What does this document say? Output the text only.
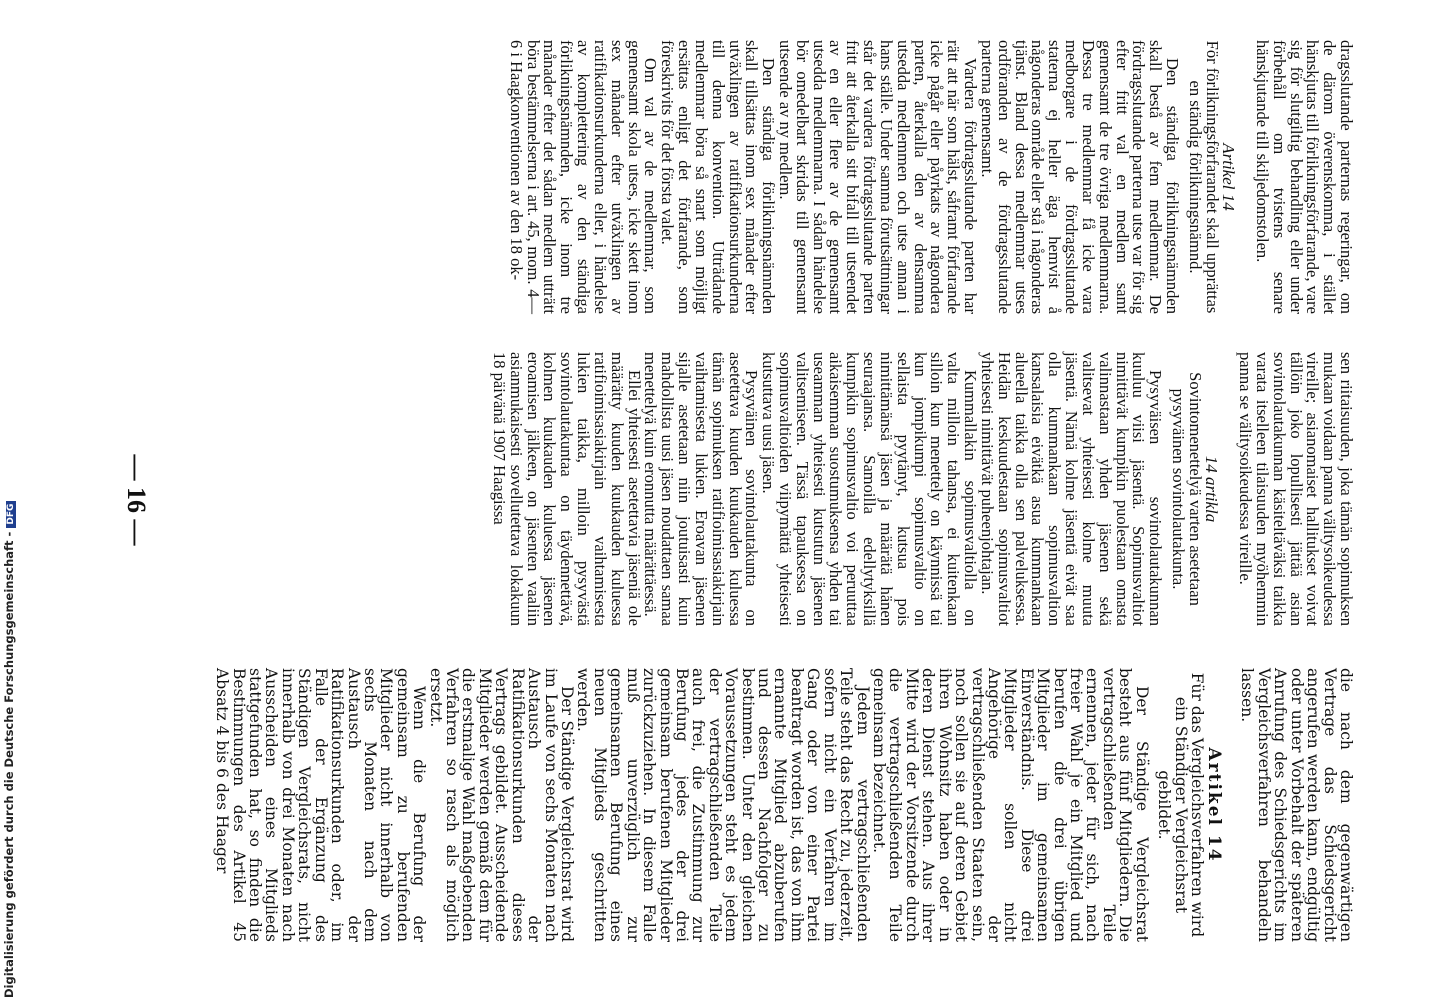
— 16 —

dragsslutande parternas regeringar, om de därom överenskomma, i stället hänskjutas till förlikningsförfarande, vare sig för slutgiltig behandling eller under förbehåll om tvistens senare hänskjutande till skiljedomstolen.

Artikel 14

För förlikningsförfarandet skall upprättas en ständig förlikningsnämnd.

Den ständiga förlikningsnämnden skall bestå av fem medlemmar. De fördragsslutande parterna utse var för sig efter fritt val en medlem samt gemensamt de tre övriga medlemmarna. Dessa tre medlemmar få icke vara medborgare i de fördragsslutande staterna ej heller äga hemvist å någonderas område eller stå i någonderas tjänst. Bland dessa medlemmar utses ordföranden av de fördragsslutande parterna gemensamt.

Vardera fördragsslutande parten har rätt att när som hälst, såframt förfarande icke pågår eller påyrkats av någondera parten, återkalla den av densamma utsedda medlemmen och utse annan i hans ställe. Under samma förutsättningar står det vardera fördragsslutande parten fritt att återkalla sitt bifall till utseendet av en eller flere av de gemensamt utsedda medlemmarna. I sådan händelse bör omedelbart skridas till gemensamt utseende av ny medlem.

Den ständiga förlikningsnämnden skall tillsättas inom sex månader efter utväxlingen av ratifikationsurkunderna till denna konvention. Utträdande medlemmar böra så snart som möjligt ersättas enligt det förfarande, som föreskrivits för det första valet.

Om val av de medlemmar, som gemensamt skola utses, icke skett inom sex månader efter utväxlingen av ratifikationsurkunderna eller, i händelse av komplettering av den ständiga förlikningsnämnden, icke inom tre månader efter det sådan medlem utträtt böra bestämmelserna i art. 45, mom. 4—6 i Haagkonventionen av den 18 ok-

sen riitaisuuden, joka tämän sopimuksen mukaan voidaan panna välitysoikeudessa vireille; asianomaiset hallitukset voivat tällöin joko lopullisesti jättää asian sovintolautakunnan käsiteltäväksi taikka varata itselleen tilaisuuden myöhemmin panna se välitysoikeudessa vireille.

14 artikla

Sovintomenettelyä varten asetetaan pysyväinen sovintolautakunta.

Pysyväisen sovintolautakunnan kuuluu viisi jäsentä. Sopimusvaltiot nimittävät kumpikin puolestaan omasta valinnastaan yhden jäsenen sekä valitsevat yhteisesti kolme muuta jäsentä. Nämä kolme jäsentä eivät saa olla kummankaan sopimusvaltion kansalaisia eivätkä asua kummankaan alueella taikka olla sen palveluksessa. Heidän keskuudestaan sopimusvaltiot yhteisesti nimittävät puheenjohtajan.

Kummallakin sopimusvaltiolla on valta milloin tahansa, ei kuitenkaan silloin kun menettely on käynnissä tai kun jompikumpi sopimusvaltio on sellaista pyytänyt, kutsua pois nimittämänsä jäsen ja määrätä hänen seuraajansa. Samoilla edellytyksillä kumpikin sopimusvaltio voi peruuttaa aikaisemman suostumuksensa yhden tai useamman yhteisesti kutsutun jäsenen valitsemiseen. Tässä tapauksessa on sopimusvaltioiden viipymättä yhteisesti kutsuttava uusi jäsen.

Pysyväinen sovintolautakunta on asetettava kuuden kuukauden kuluessa tämän sopimuksen ratifioimisasiakirjain vaihtamisesta lukien. Eroavan jäsenen sijalle asetetaan niin joutuisasti kuin mahdollista uusi jäsen noudattaen samaa menettelyä kuin eronnutta määrättäessä.

Ellei yhteisesti asetettavia jäseniä ole määrätty kuuden kuukauden kuluessa ratifioimisasiakirjain vaihtamisesta lukien taikka, milloin pysyvästä sovintolautakuntaa on täydennettävä, kolmen kuukauden kuluessa jäsenen eroamisen jälkeen, on jäsenten vaaliin asianmukaisesti sovellutettava lokakuun 18 päivänä 1907 Haagissa

die nach dem gegenwärtigen Vertrage das Schiedsgericht angerufen werden kann, endgültig oder unter Vorbehalt der späteren Anrufung des Schiedsgerichts im Vergleichsverfahren behandeln lassen.

Artikel 14

Für das Vergleichsverfahren wird ein Ständiger Vergleichsrat gebildet.

Der Ständige Vergleichsrat besteht aus fünf Mitgliedern. Die vertragschließenden Teile ernennen, jeder für sich, nach freier Wahl je ein Mitglied und berufen die drei übrigen Mitglieder im gemeinsamen Einverständnis. Diese drei Mitglieder sollen nicht Angehörige der vertragschließenden Staaten sein, noch sollen sie auf deren Gebiet ihren Wohnsitz haben oder in deren Dienst stehen. Aus ihrer Mitte wird der Vorsitzende durch die vertragschließenden Teile gemeinsam bezeichnet.

Jedem vertragschließenden Teile steht das Recht zu, jederzeit, sofern nicht ein Verfahren im Gang oder von einer Partei beantragt worden ist, das von ihm ernannte Mitglied abzuberufen und dessen Nachfolger zu bestimmen. Unter den gleichen Voraussetzungen steht es jedem der vertragschließenden Teile auch frei, die Zustimmung zur Berufung jedes der drei gemeinsam berufenen Mitglieder zurückzuziehen. In diesem Falle muß unverzüglich zur gemeinsamen Berufung eines neuen Mitglieds geschritten werden.

Der Ständige Vergleichsrat wird im Laufe von sechs Monaten nach Austausch der Ratifikationsurkunden dieses Vertrags gebildet. Ausscheidende Mitglieder werden gemäß dem für die erstmalige Wahl maßgebenden Verfahren so rasch als möglich ersetzt.

Wenn die Berufung der gemeinsam zu berufenden Mitglieder nicht innerhalb von sechs Monaten nach dem Austausch der Ratifikationsurkunden oder, im Falle der Ergänzung des Ständigen Vergleichsrats, nicht innerhalb von drei Monaten nach Ausscheiden eines Mitglieds stattgefunden hat, so finden die Bestimmungen des Artikel 45 Absatz 4 bis 6 des Haager

Digitalisierung gefördert durch die Deutsche Forschungsgemeinschaft -DFG
